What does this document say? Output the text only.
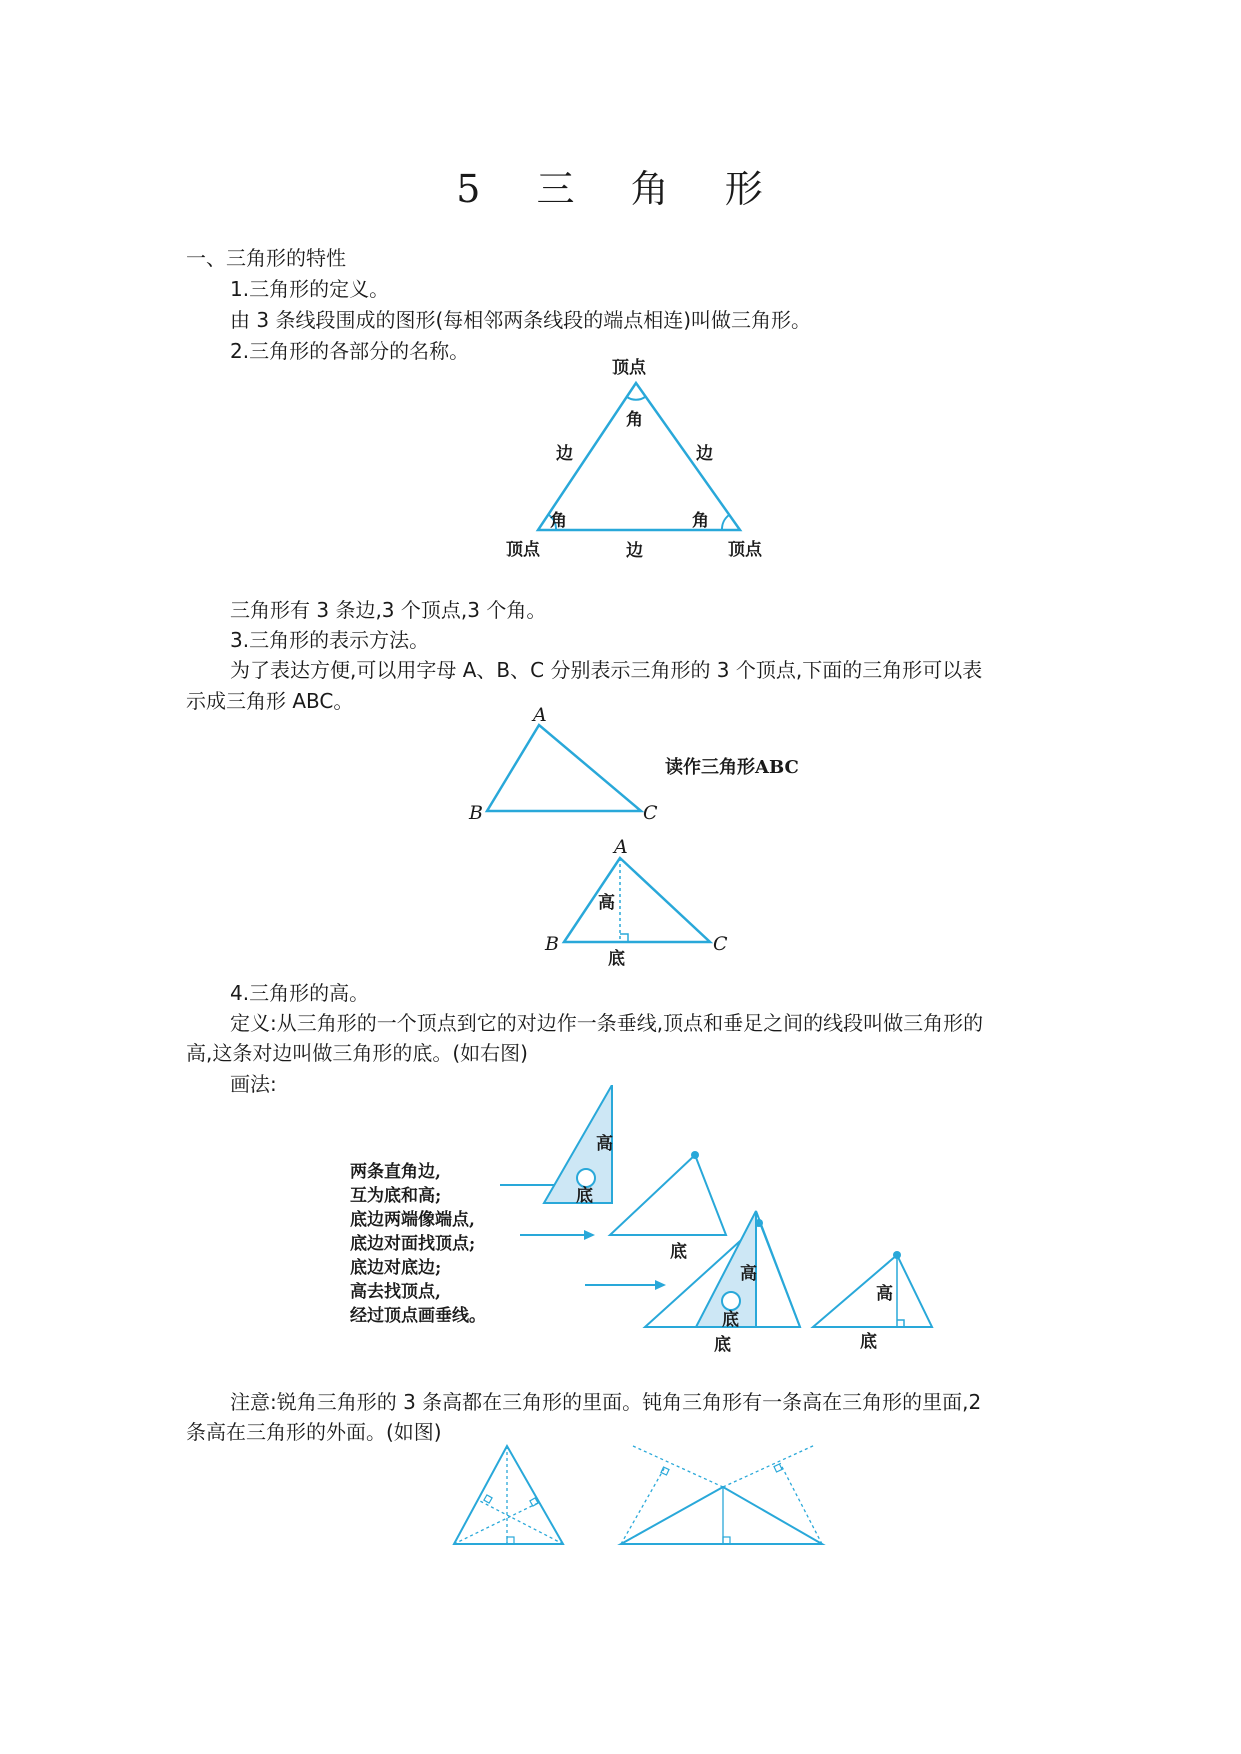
5 三 角 形
一、三角形的特性
1.三角形的定义。
由 3 条线段围成的图形(每相邻两条线段的端点相连)叫做三角形。
2.三角形的各部分的名称。
顶点
角
边	边
角	角
顶点	边	顶点
三角形有 3 条边,3 个顶点,3 个角。
3.三角形的表示方法。
为了表达方便,可以用字母 A、B、C 分别表示三角形的 3 个顶点,下面的三角形可以表
示成三角形 ABC。
A
B	C
读作三角形ABC
A
B	C
高
底
4.三角形的高。
定义:从三角形的一个顶点到它的对边作一条垂线,顶点和垂足之间的线段叫做三角形的
高,这条对边叫做三角形的底。(如右图)
画法:
两条直角边,
互为底和高;
底边两端像端点,
底边对面找顶点;
底边对底边;
高去找顶点,
经过顶点画垂线。
高
底
底
高
底
底
高
底
注意:锐角三角形的 3 条高都在三角形的里面。钝角三角形有一条高在三角形的里面,2
条高在三角形的外面。(如图)
